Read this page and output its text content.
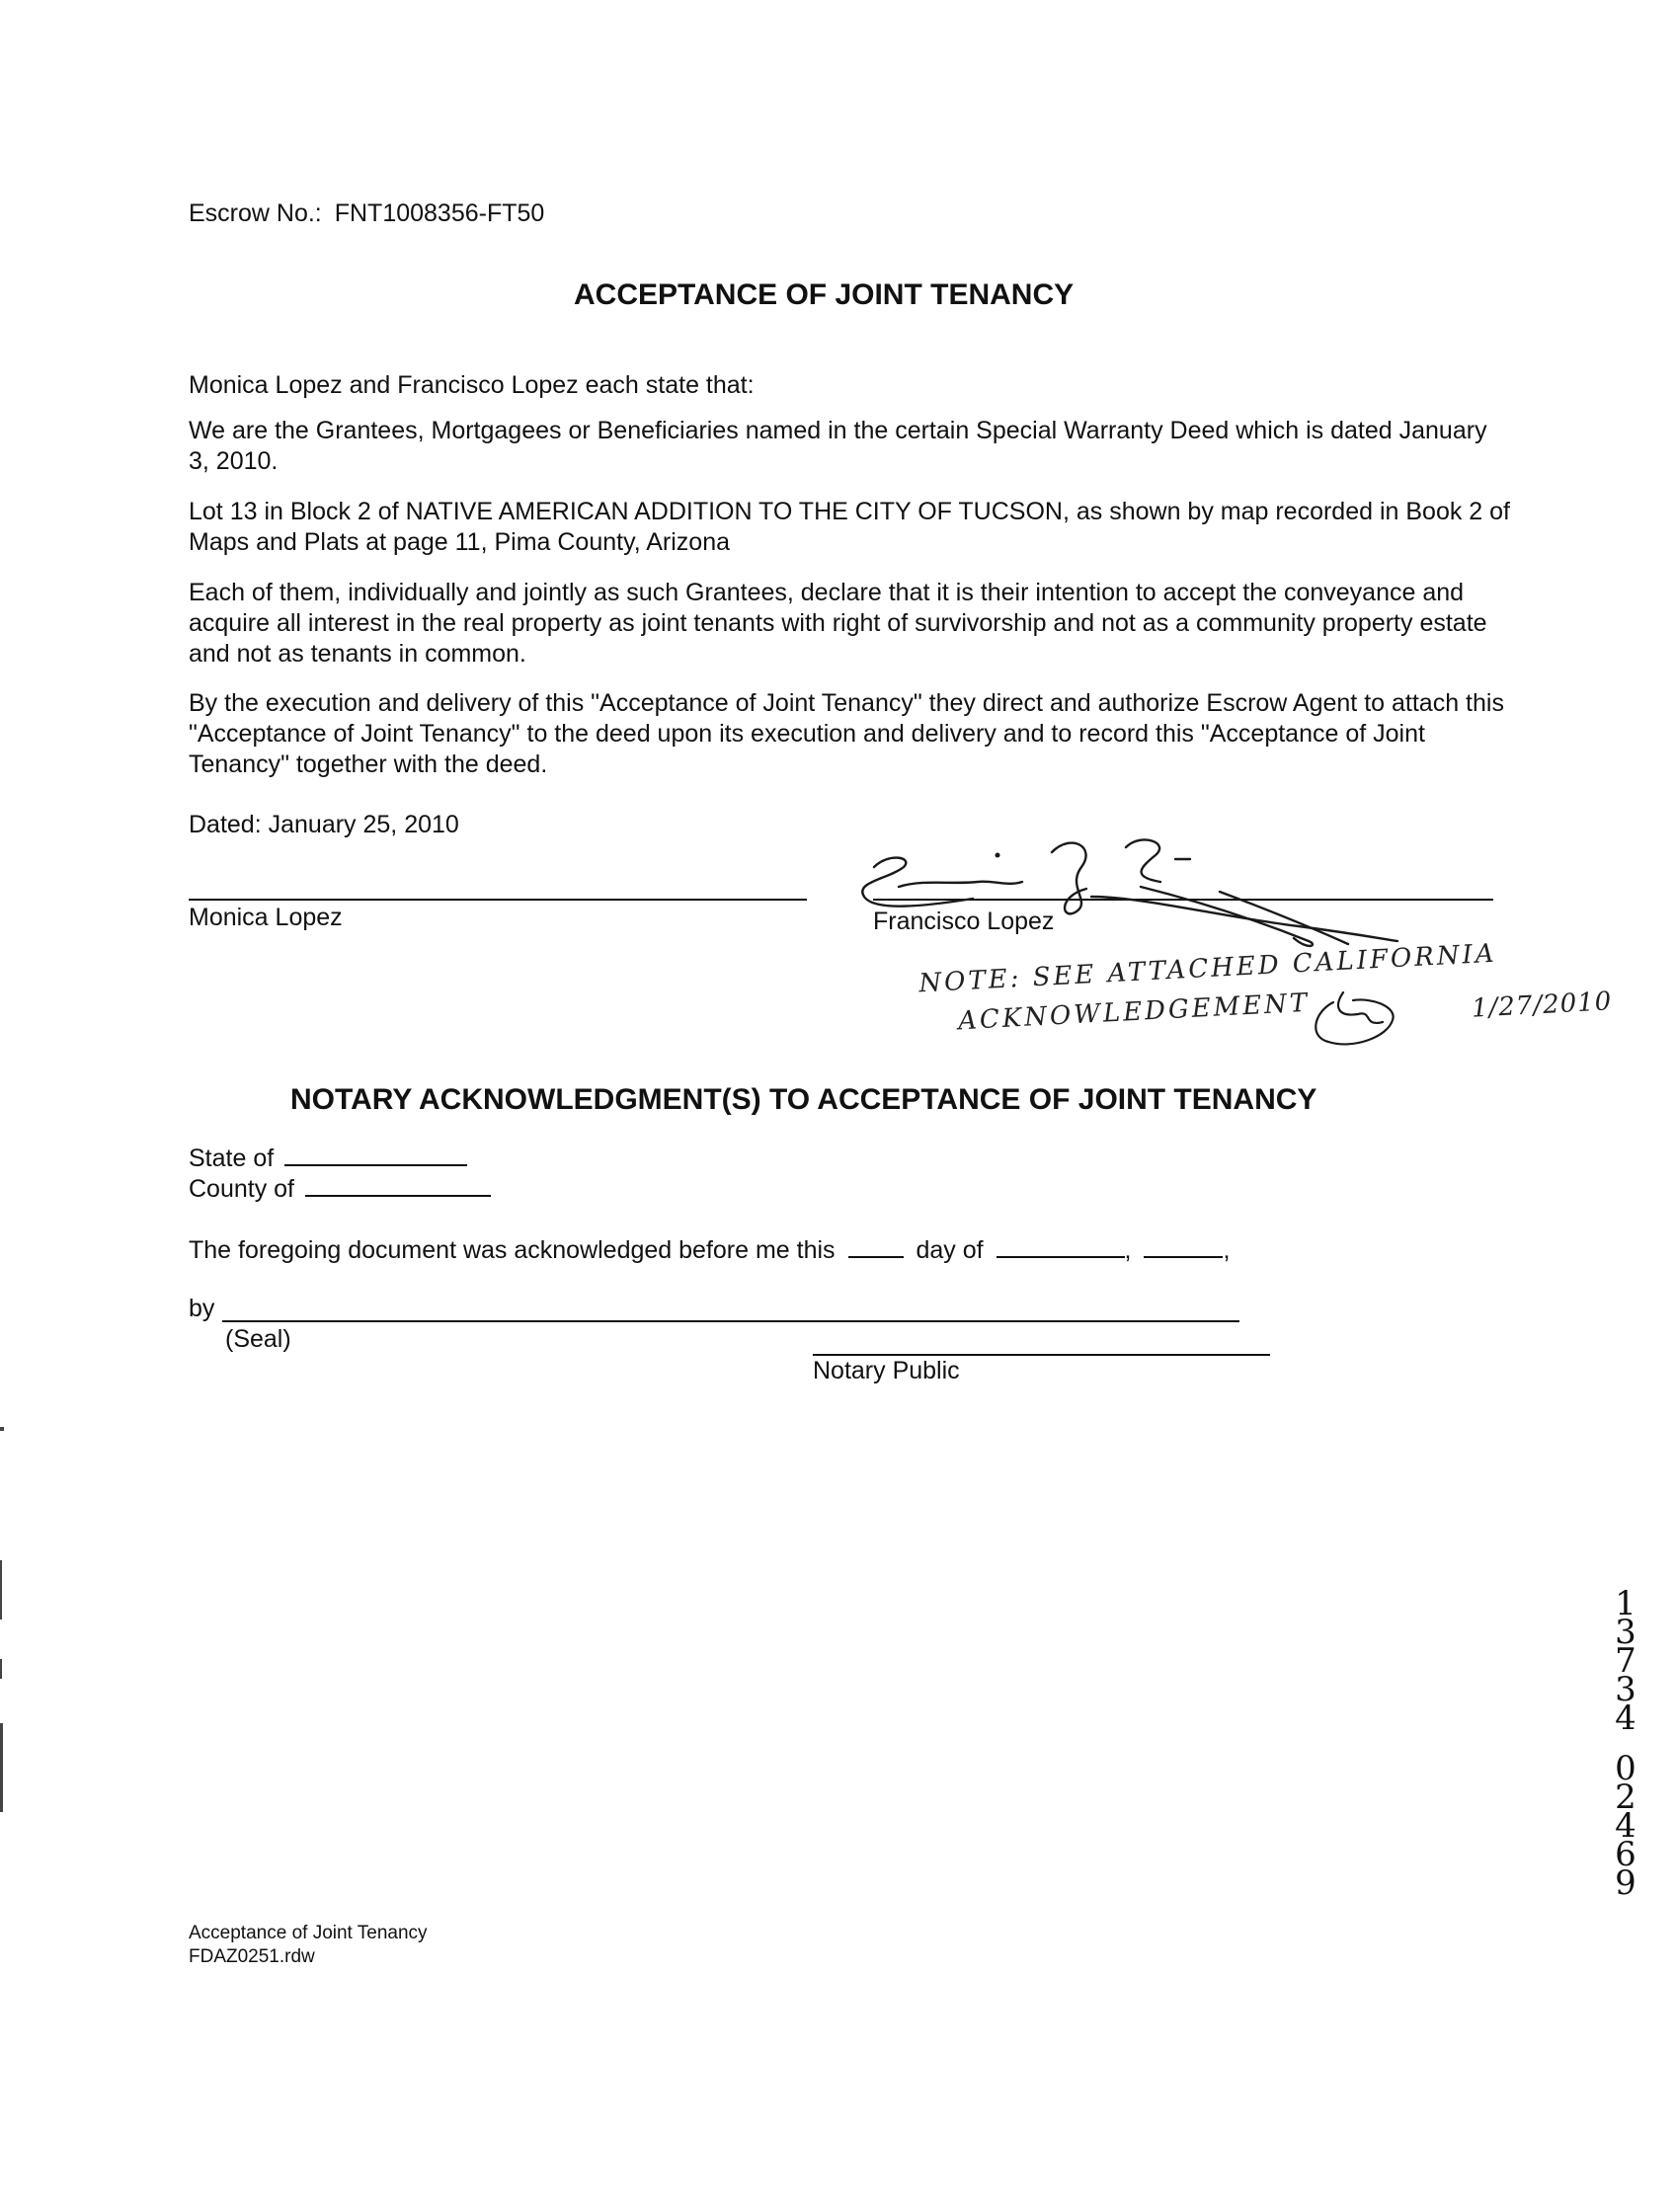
Escrow No.: FNT1008356-FT50
ACCEPTANCE OF JOINT TENANCY
Monica Lopez and Francisco Lopez each state that:
We are the Grantees, Mortgagees or Beneficiaries named in the certain Special Warranty Deed which is dated January 3, 2010.
Lot 13 in Block 2 of NATIVE AMERICAN ADDITION TO THE CITY OF TUCSON, as shown by map recorded in Book 2 of Maps and Plats at page 11, Pima County, Arizona
Each of them, individually and jointly as such Grantees, declare that it is their intention to accept the conveyance and acquire all interest in the real property as joint tenants with right of survivorship and not as a community property estate and not as tenants in common.
By the execution and delivery of this "Acceptance of Joint Tenancy" they direct and authorize Escrow Agent to attach this "Acceptance of Joint Tenancy" to the deed upon its execution and delivery and to record this "Acceptance of Joint Tenancy" together with the deed.
Dated: January 25, 2010
Monica Lopez	Francisco Lopez
NOTE: SEE ATTACHED CALIFORNIA
ACKNOWLEDGEMENT	1/27/2010
NOTARY ACKNOWLEDGMENT(S) TO ACCEPTANCE OF JOINT TENANCY
State of
County of
The foregoing document was acknowledged before me this	day of	,	,
by
(Seal)
Notary Public
1
3
7
3
4
0
2
4
6
9
Acceptance of Joint Tenancy
FDAZ0251.rdw
